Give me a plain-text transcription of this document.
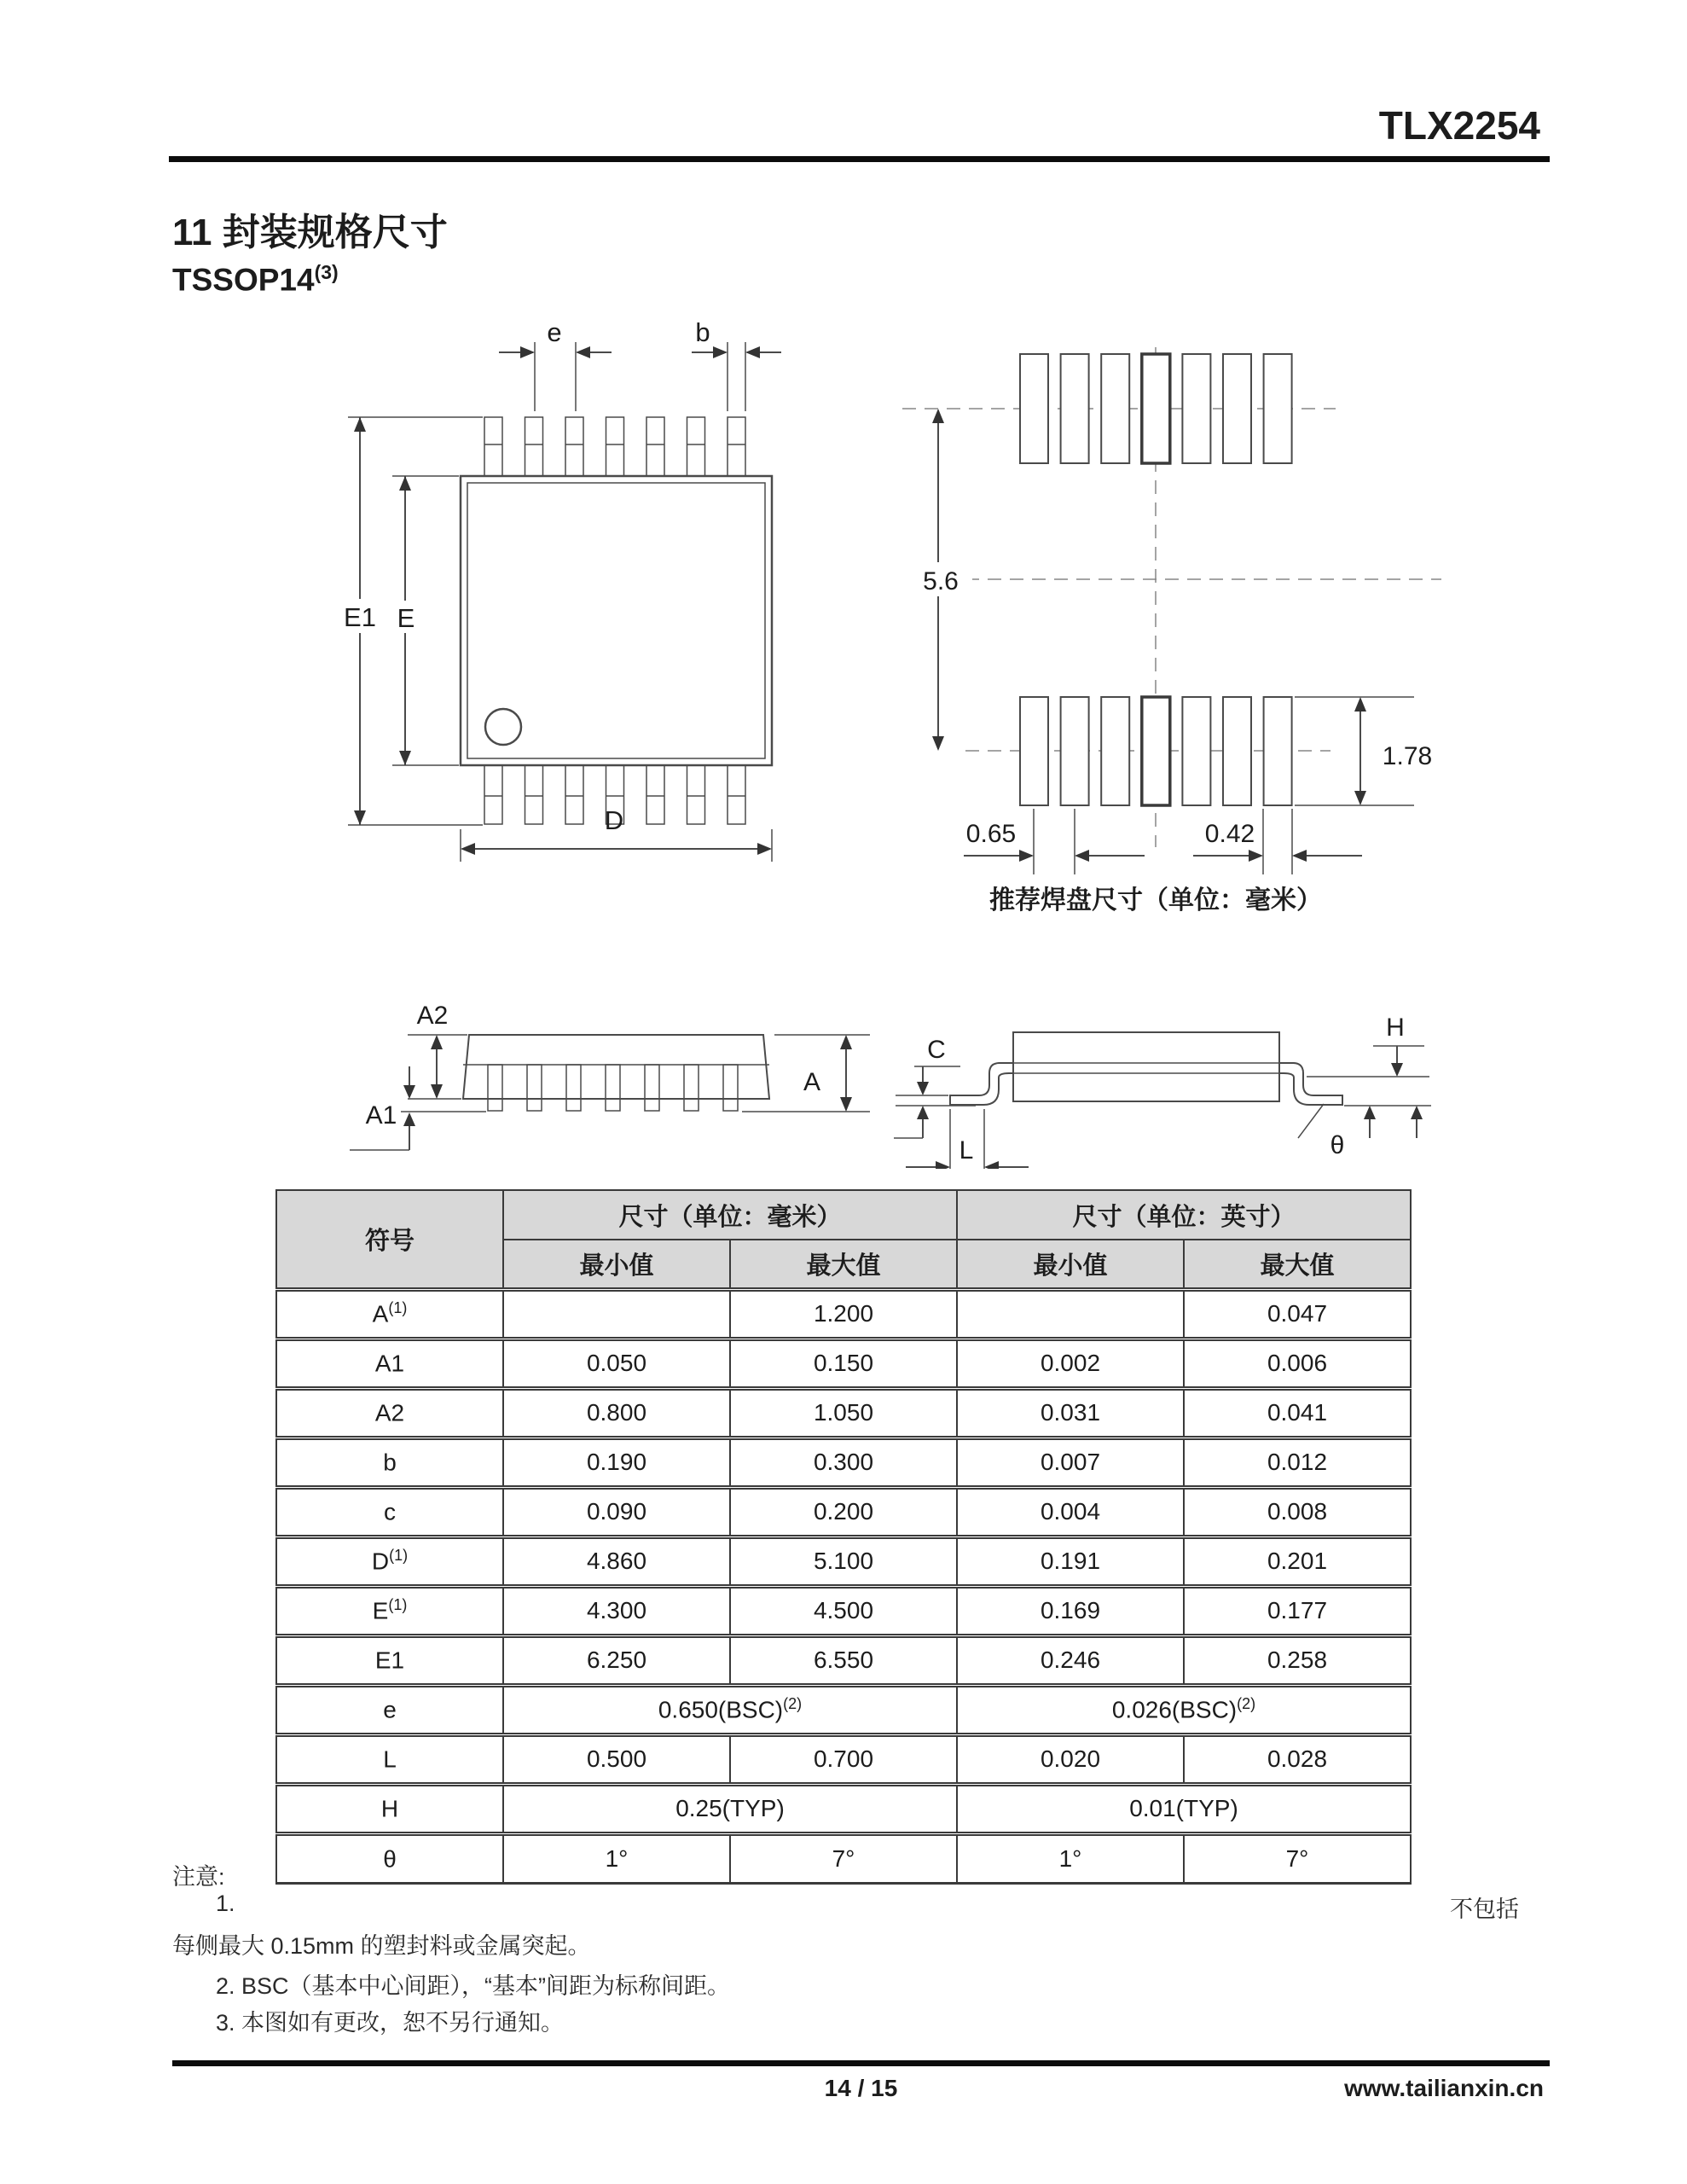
TLX2254
11 封装规格尺寸
TSSOP14$^{(3)}$
E1 E
e	b
D
5.6
1.78
0.65	0.42
推荐焊盘尺寸（单位：毫米）
A2
A1
A
C
L
H
θ
符号	尺寸（单位：毫米）		尺寸（单位：英寸）	
	最小值	最大值	最小值	最大值
$A^{(1)}$		1.200		0.047
A1	0.050	0.150	0.002	0.006
A2	0.800	1.050	0.031	0.041
b	0.190	0.300	0.007	0.012
c	0.090	0.200	0.004	0.008
$D^{(1)}$	4.860	5.100	0.191	0.201
$E^{(1)}$	4.300	4.500	0.169	0.177
E1	6.250	6.550	0.246	0.258
e	0.650(BSC)$^{(2)}$		0.026(BSC)$^{(2)}$
L	0.500	0.700	0.020	0.028
H	0.25(TYP)		0.01(TYP)	
θ	1°	7°	1°	7°
注意:
1.	不包括
每侧最大 0.15mm 的塑封料或金属突起。
2. BSC（基本中心间距），“基本”间距为标称间距。
3. 本图如有更改，恕不另行通知。
14 / 15	www.tailianxin.cn
